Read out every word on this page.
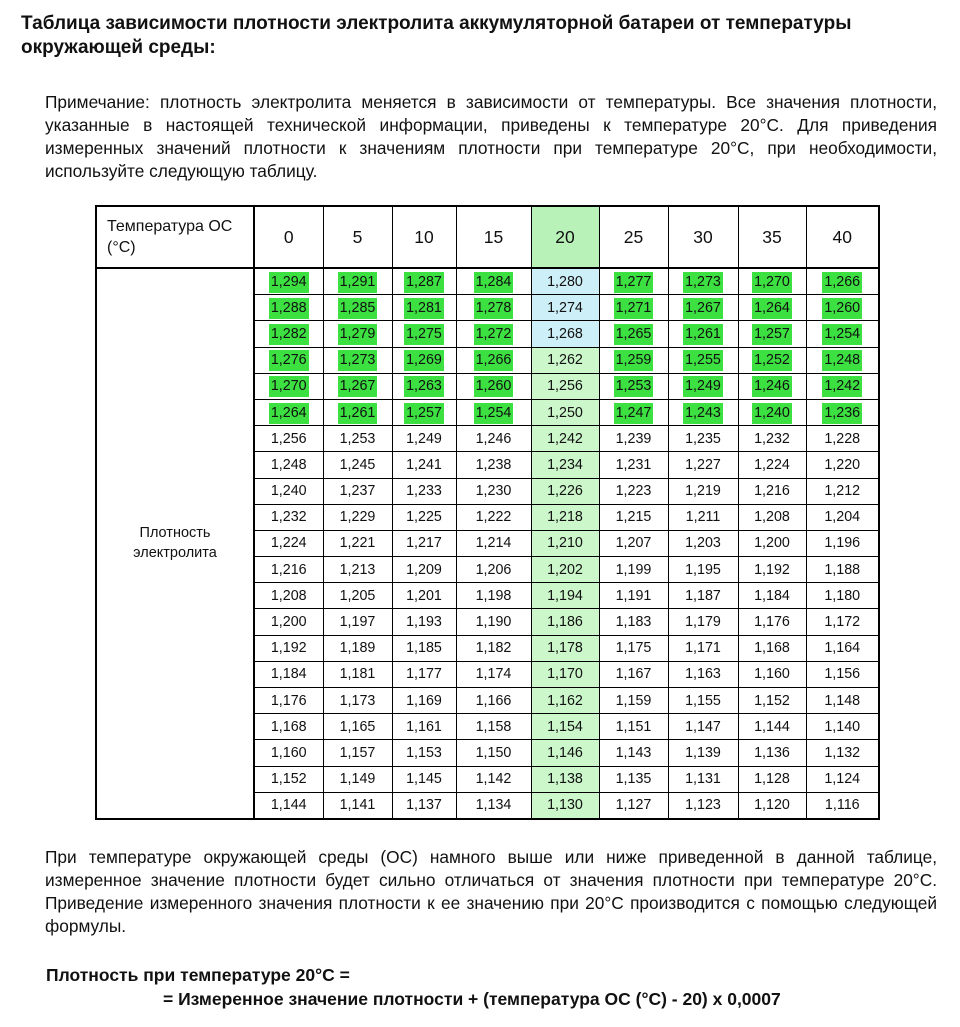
Таблица зависимости плотности электролита аккумуляторной батареи от температуры окружающей среды:

Примечание: плотность электролита меняется в зависимости от температуры. Все значения плотности, указанные в настоящей технической информации, приведены к температуре 20°С. Для приведения измеренных значений плотности к значениям плотности при температуре 20°С, при необходимости, используйте следующую таблицу.

Температура ОС (°С)	0	5	10	15	20	25	30	35	40
Плотность электролита	1,294	1,291	1,287	1,284	1,280	1,277	1,273	1,270	1,266
	1,288	1,285	1,281	1,278	1,274	1,271	1,267	1,264	1,260
	1,282	1,279	1,275	1,272	1,268	1,265	1,261	1,257	1,254
	1,276	1,273	1,269	1,266	1,262	1,259	1,255	1,252	1,248
	1,270	1,267	1,263	1,260	1,256	1,253	1,249	1,246	1,242
	1,264	1,261	1,257	1,254	1,250	1,247	1,243	1,240	1,236
	1,256	1,253	1,249	1,246	1,242	1,239	1,235	1,232	1,228
	1,248	1,245	1,241	1,238	1,234	1,231	1,227	1,224	1,220
	1,240	1,237	1,233	1,230	1,226	1,223	1,219	1,216	1,212
	1,232	1,229	1,225	1,222	1,218	1,215	1,211	1,208	1,204
	1,224	1,221	1,217	1,214	1,210	1,207	1,203	1,200	1,196
	1,216	1,213	1,209	1,206	1,202	1,199	1,195	1,192	1,188
	1,208	1,205	1,201	1,198	1,194	1,191	1,187	1,184	1,180
	1,200	1,197	1,193	1,190	1,186	1,183	1,179	1,176	1,172
	1,192	1,189	1,185	1,182	1,178	1,175	1,171	1,168	1,164
	1,184	1,181	1,177	1,174	1,170	1,167	1,163	1,160	1,156
	1,176	1,173	1,169	1,166	1,162	1,159	1,155	1,152	1,148
	1,168	1,165	1,161	1,158	1,154	1,151	1,147	1,144	1,140
	1,160	1,157	1,153	1,150	1,146	1,143	1,139	1,136	1,132
	1,152	1,149	1,145	1,142	1,138	1,135	1,131	1,128	1,124
	1,144	1,141	1,137	1,134	1,130	1,127	1,123	1,120	1,116

При температуре окружающей среды (ОС) намного выше или ниже приведенной в данной таблице, измеренное значение плотности будет сильно отличаться от значения плотности при температуре 20°С. Приведение измеренного значения плотности к ее значению при 20°С производится с помощью следующей формулы.

Плотность при температуре 20°С =
= Измеренное значение плотности + (температура ОС (°С) - 20) х 0,0007
